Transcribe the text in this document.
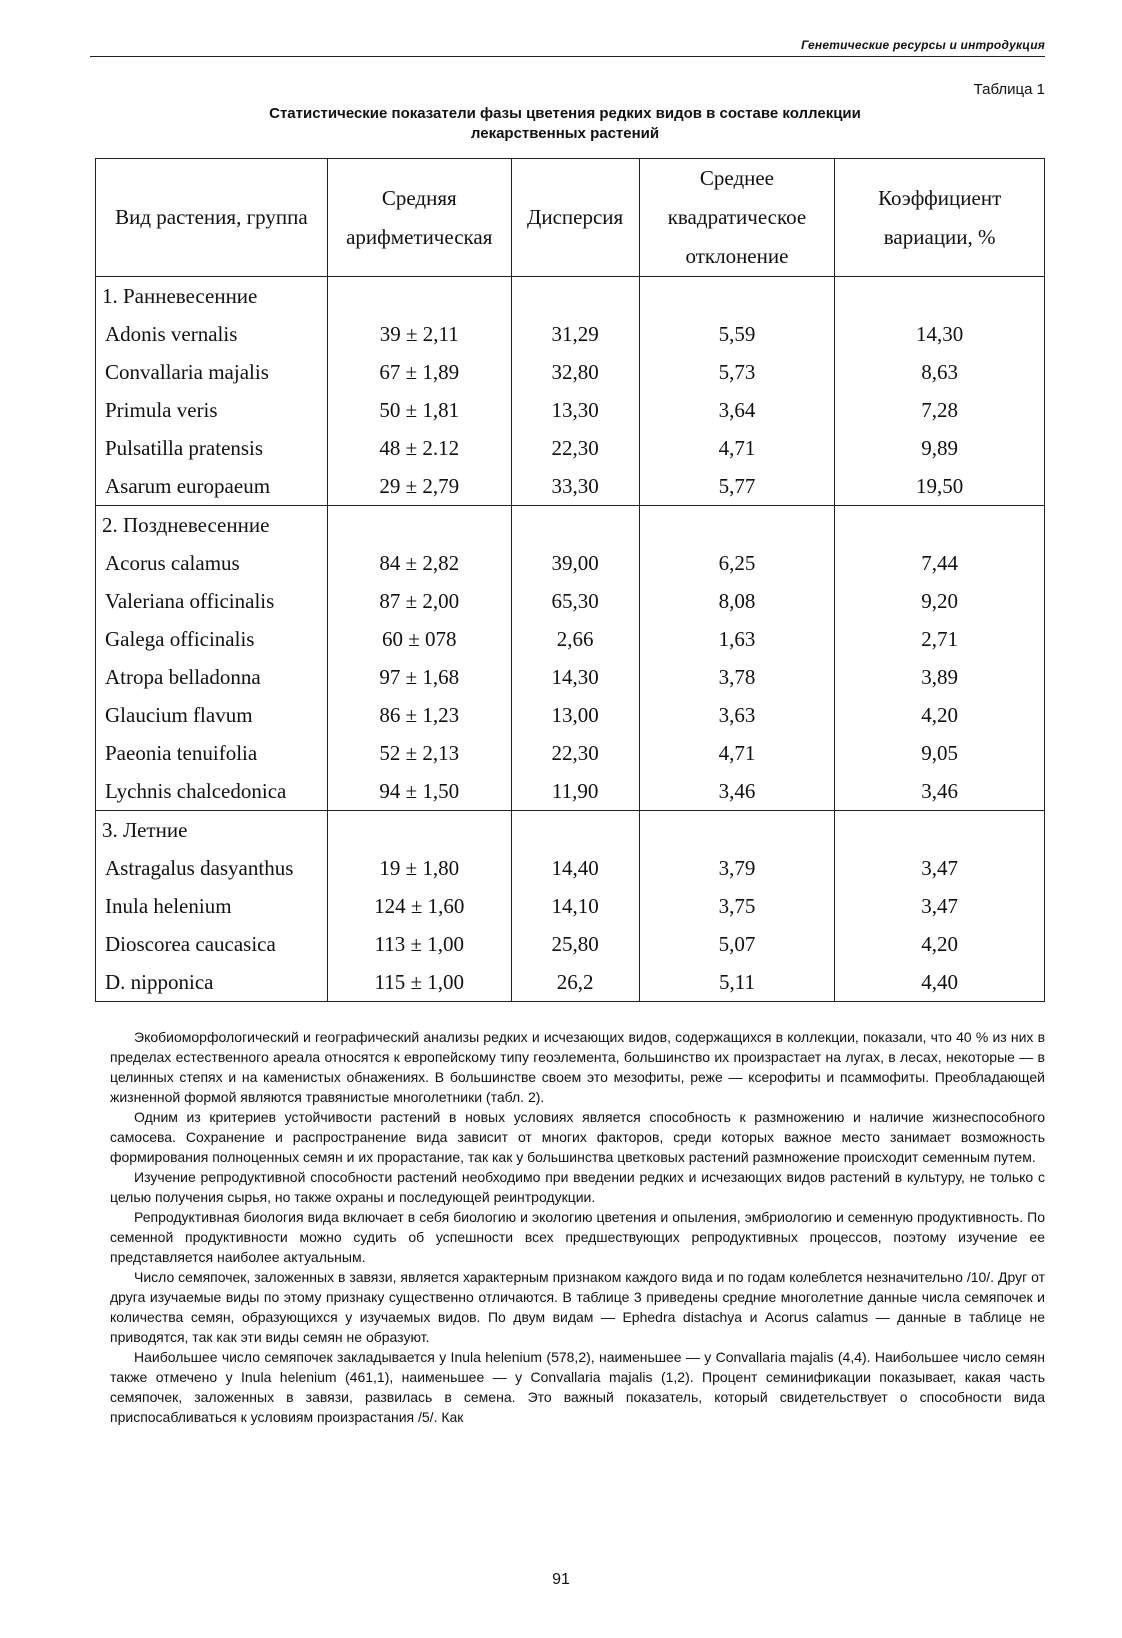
Генетические ресурсы и интродукция
Таблица 1
Статистические показатели фазы цветения редких видов в составе коллекции
лекарственных растений
Вид растения, группа	Средняя арифметическая	Дисперсия	Среднее квадратическое отклонение	Коэффициент вариации, %
1. Ранневесенние				
Adonis vernalis	39 ± 2,11	31,29	5,59	14,30
Convallaria majalis	67 ± 1,89	32,80	5,73	8,63
Primula veris	50 ± 1,81	13,30	3,64	7,28
Pulsatilla pratensis	48 ± 2.12	22,30	4,71	9,89
Asarum europaeum	29 ± 2,79	33,30	5,77	19,50
2. Поздневесенние				
Acorus calamus	84 ± 2,82	39,00	6,25	7,44
Valeriana officinalis	87 ± 2,00	65,30	8,08	9,20
Galega officinalis	60 ± 078	2,66	1,63	2,71
Atropa belladonna	97 ± 1,68	14,30	3,78	3,89
Glaucium flavum	86 ± 1,23	13,00	3,63	4,20
Paeonia tenuifolia	52 ± 2,13	22,30	4,71	9,05
Lychnis chalcedonica	94 ± 1,50	11,90	3,46	3,46
3. Летние				
Astragalus dasyanthus	19 ± 1,80	14,40	3,79	3,47
Inula helenium	124 ± 1,60	14,10	3,75	3,47
Dioscorea caucasica	113 ± 1,00	25,80	5,07	4,20
D. nipponica	115 ± 1,00	26,2	5,11	4,40

Экобиоморфологический и географический анализы редких и исчезающих видов, содержащихся в коллекции, показали, что 40 % из них в пределах естественного ареала относятся к европейскому типу геоэлемента, большинство их произрастает на лугах, в лесах, некоторые — в целинных степях и на каменистых обнажениях. В большинстве своем это мезофиты, реже — ксерофиты и псаммофиты. Преобладающей жизненной формой являются травянистые многолетники (табл. 2).

Одним из критериев устойчивости растений в новых условиях является способность к размножению и наличие жизнеспособного самосева. Сохранение и распространение вида зависит от многих факторов, среди которых важное место занимает возможность формирования полноценных семян и их прорастание, так как у большинства цветковых растений размножение происходит семенным путем.

Изучение репродуктивной способности растений необходимо при введении редких и исчезающих видов растений в культуру, не только с целью получения сырья, но также охраны и последующей реинтродукции.

Репродуктивная биология вида включает в себя биологию и экологию цветения и опыления, эмбриологию и семенную продуктивность. По семенной продуктивности можно судить об успешности всех предшествующих репродуктивных процессов, поэтому изучение ее представляется наиболее актуальным.

Число семяпочек, заложенных в завязи, является характерным признаком каждого вида и по годам колеблется незначительно /10/. Друг от друга изучаемые виды по этому признаку существенно отличаются. В таблице 3 приведены средние многолетние данные числа семяпочек и количества семян, образующихся у изучаемых видов. По двум видам — Ephedra distachya и Acorus calamus — данные в таблице не приводятся, так как эти виды семян не образуют.

Наибольшее число семяпочек закладывается у Inula helenium (578,2), наименьшее — у Convallaria majalis (4,4). Наибольшее число семян также отмечено у Inula helenium (461,1), наименьшее — у Convallaria majalis (1,2). Процент семинификации показывает, какая часть семяпочек, заложенных в завязи, развилась в семена. Это важный показатель, который свидетельствует о способности вида приспосабливаться к условиям произрастания /5/. Как

91
